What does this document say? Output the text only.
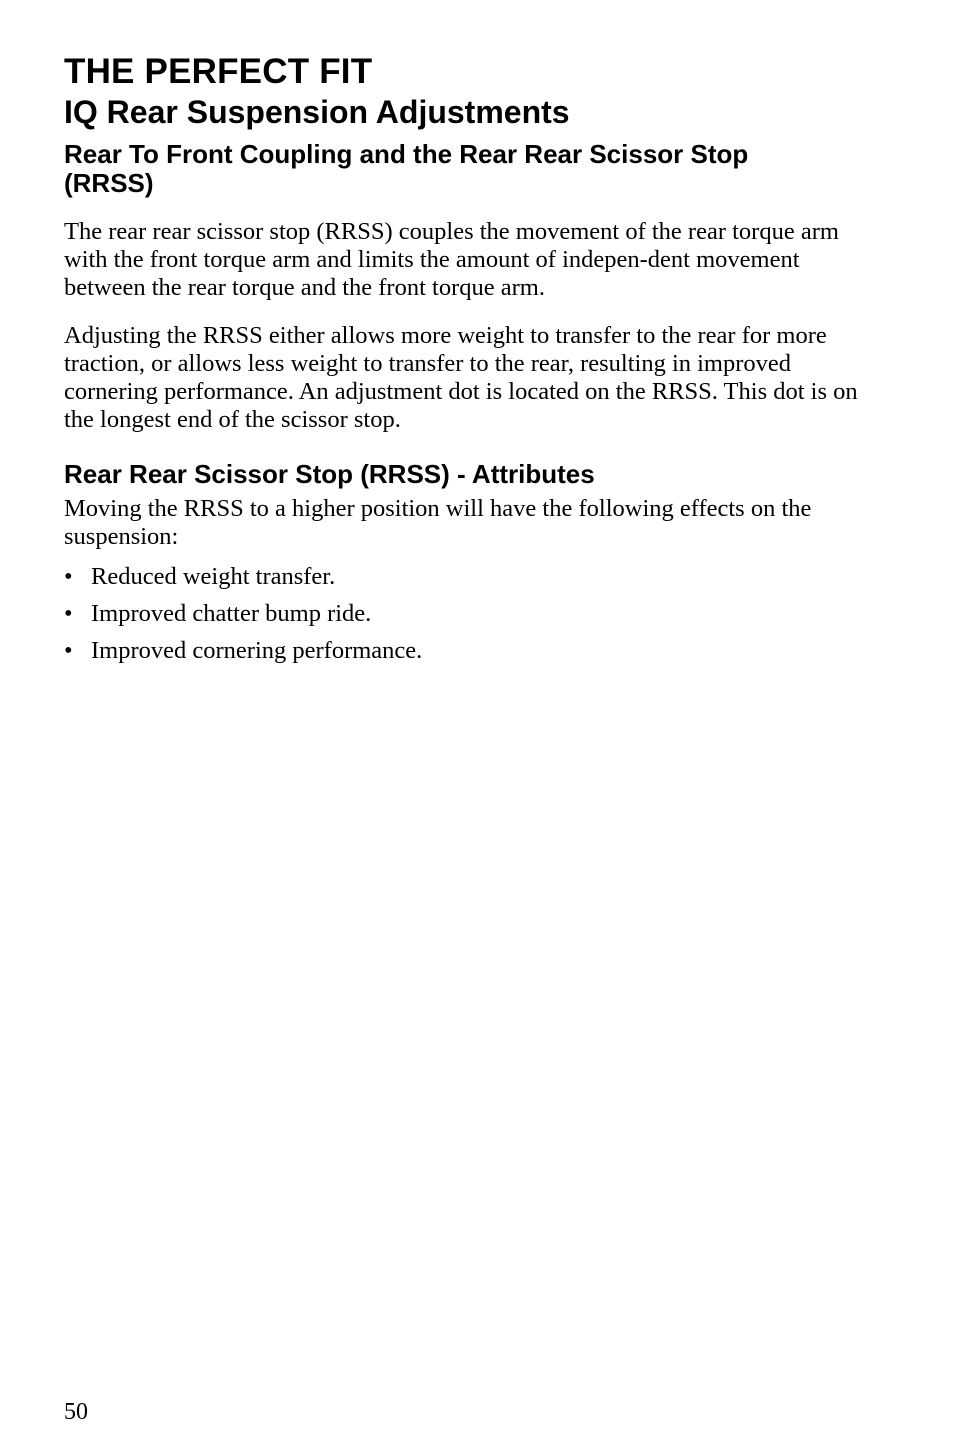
THE PERFECT FIT
IQ Rear Suspension Adjustments
Rear To Front Coupling and the Rear Rear Scissor Stop
(RRSS)

The rear rear scissor stop (RRSS) couples the movement of the rear torque arm with the front torque arm and limits the amount of indepen-dent movement between the rear torque and the front torque arm.

Adjusting the RRSS either allows more weight to transfer to the rear for more traction, or allows less weight to transfer to the rear, resulting in improved cornering performance. An adjustment dot is located on the RRSS. This dot is on the longest end of the scissor stop.

Rear Rear Scissor Stop (RRSS) - Attributes

Moving the RRSS to a higher position will have the following effects on the suspension:

• Reduced weight transfer.
• Improved chatter bump ride.
• Improved cornering performance.
50
